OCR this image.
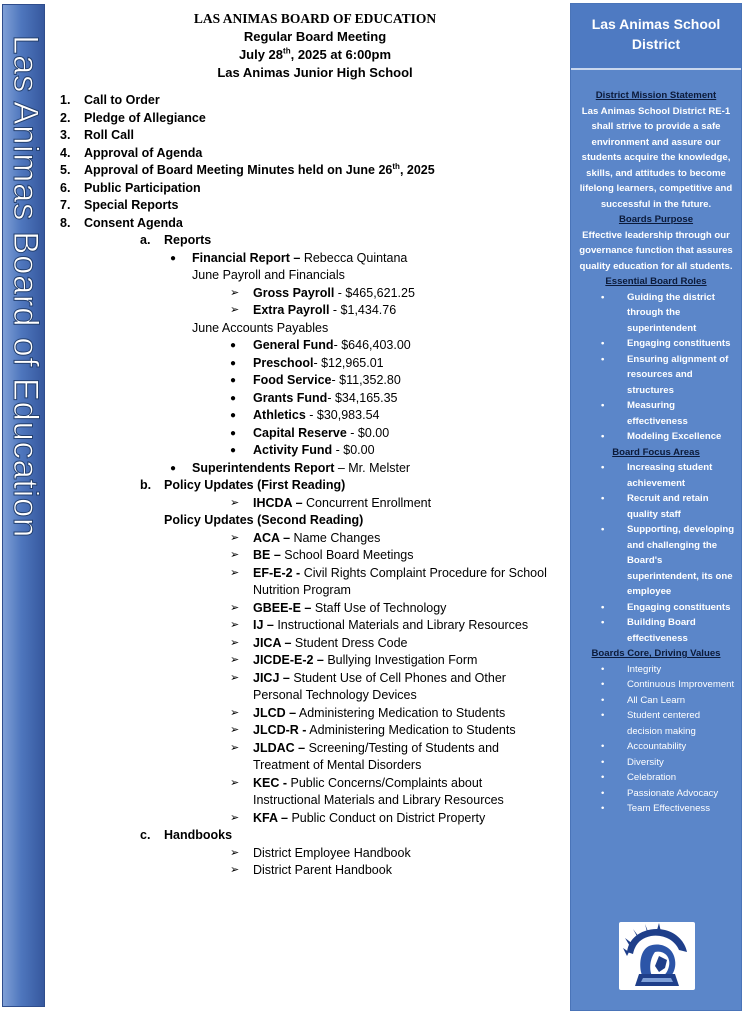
Las Animas Board of Education
LAS ANIMAS BOARD OF EDUCATION
Regular Board Meeting
July 28th, 2025 at 6:00pm
Las Animas Junior High School
1. Call to Order
2. Pledge of Allegiance
3. Roll Call
4. Approval of Agenda
5. Approval of Board Meeting Minutes held on June 26th, 2025
6. Public Participation
7. Special Reports
8. Consent Agenda
a. Reports
● Financial Report – Rebecca Quintana
June Payroll and Financials
➢ Gross Payroll - $465,621.25
➢ Extra Payroll - $1,434.76
June Accounts Payables
● General Fund- $646,403.00
● Preschool- $12,965.01
● Food Service- $11,352.80
● Grants Fund- $34,165.35
● Athletics - $30,983.54
● Capital Reserve - $0.00
● Activity Fund - $0.00
● Superintendents Report – Mr. Melster
b. Policy Updates (First Reading)
➢ IHCDA – Concurrent Enrollment
Policy Updates (Second Reading)
➢ ACA – Name Changes
➢ BE – School Board Meetings
➢ EF-E-2 - Civil Rights Complaint Procedure for School Nutrition Program
➢ GBEE-E – Staff Use of Technology
➢ IJ – Instructional Materials and Library Resources
➢ JICA – Student Dress Code
➢ JICDE-E-2 – Bullying Investigation Form
➢ JICJ – Student Use of Cell Phones and Other Personal Technology Devices
➢ JLCD – Administering Medication to Students
➢ JLCD-R - Administering Medication to Students
➢ JLDAC – Screening/Testing of Students and Treatment of Mental Disorders
➢ KEC - Public Concerns/Complaints about Instructional Materials and Library Resources
➢ KFA – Public Conduct on District Property
c. Handbooks
➢ District Employee Handbook
➢ District Parent Handbook
Las Animas School District
District Mission Statement
Las Animas School District RE-1 shall strive to provide a safe environment and assure our students acquire the knowledge, skills, and attitudes to become lifelong learners, competitive and successful in the future.
Boards Purpose
Effective leadership through our governance function that assures quality education for all students.
Essential Board Roles
• Guiding the district through the superintendent
• Engaging constituents
• Ensuring alignment of resources and structures
• Measuring effectiveness
• Modeling Excellence
Board Focus Areas
• Increasing student achievement
• Recruit and retain quality staff
• Supporting, developing and challenging the Board's superintendent, its one employee
• Engaging constituents
• Building Board effectiveness
Boards Core, Driving Values
• Integrity
• Continuous Improvement
• All Can Learn
• Student centered decision making
• Accountability
• Diversity
• Celebration
• Passionate Advocacy
• Team Effectiveness
